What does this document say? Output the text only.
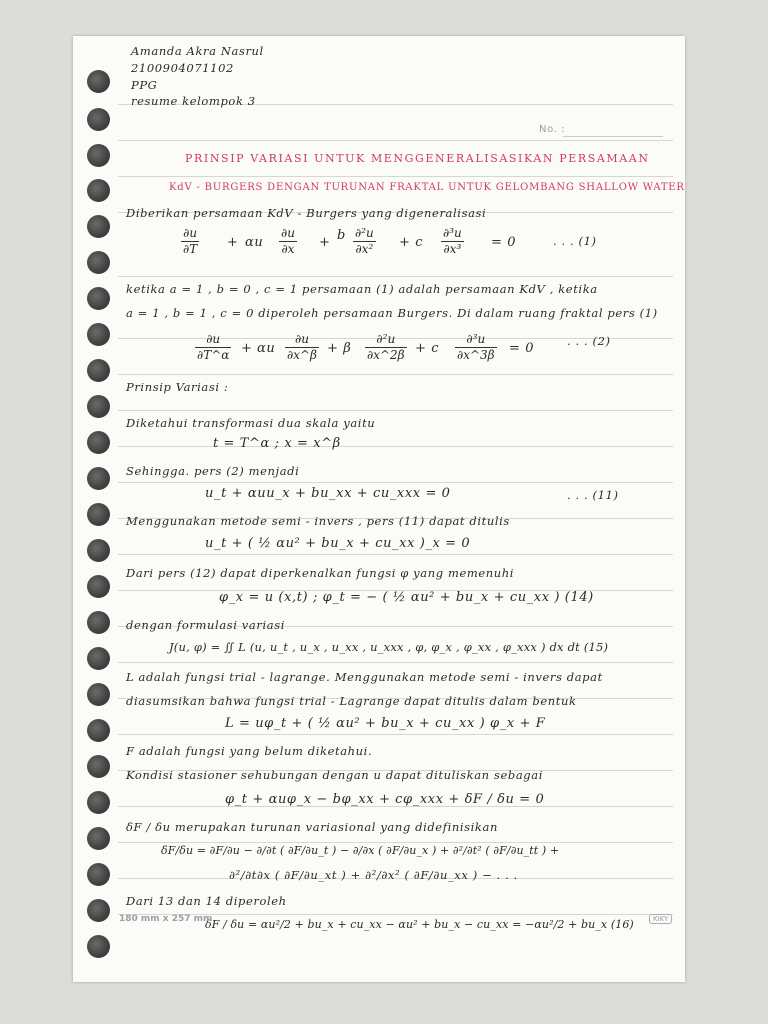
Amanda Akra Nasrul
2100904071102
PPG
resume kelompok 3
No. :
PRINSIP VARIASI UNTUK MENGGENERALISASIKAN PERSAMAAN
KdV - BURGERS DENGAN TURUNAN FRAKTAL UNTUK GELOMBANG SHALLOW WATER
Diberikan persamaan KdV - Burgers yang digeneralisasi
∂u
∂T + αu
∂u
∂x + b ∂²u
∂x² + c
∂³u
∂x³ = 0	. . . (1)
ketika a = 1 , b = 0 , c = 1 persamaan (1) adalah persamaan KdV , ketika
a = 1 , b = 1 , c = 0 diperoleh persamaan Burgers. Di dalam ruang fraktal pers (1)
∂u
∂T^α + αu
∂u
∂x^β + β
∂²u
∂x^2β + c
∂³u
∂x^3β = 0	. . . (2)
Prinsip Variasi :
Diketahui transformasi dua skala yaitu
t = T^α ; x = x^β
Sehingga. pers (2) menjadi
u_t + αuu_x + bu_xx + cu_xxx = 0	. . . (11)
Menggunakan metode semi - invers , pers (11) dapat ditulis
u_t + ( ½ αu² + bu_x + cu_xx )_x = 0
Dari pers (12) dapat diperkenalkan fungsi φ yang memenuhi
φ_x = u (x,t) ; φ_t = − ( ½ αu² + bu_x + cu_xx ) (14)
dengan formulasi variasi
J(u, φ) = ∬ L (u, u_t , u_x , u_xx , u_xxx , φ, φ_x , φ_xx , φ_xxx ) dx dt (15)
L adalah fungsi trial - lagrange. Menggunakan metode semi - invers dapat
diasumsikan bahwa fungsi trial - Lagrange dapat ditulis dalam bentuk
L = uφ_t + ( ½ αu² + bu_x + cu_xx ) φ_x + F
F adalah fungsi yang belum diketahui.
Kondisi stasioner sehubungan dengan u dapat dituliskan sebagai
φ_t + αuφ_x − bφ_xx + cφ_xxx + δF / δu = 0
δF / δu merupakan turunan variasional yang didefinisikan
δF/δu = ∂F/∂u − ∂/∂t ( ∂F/∂u_t ) − ∂/∂x ( ∂F/∂u_x ) + ∂²/∂t² ( ∂F/∂u_tt ) +
∂²/∂t∂x ( ∂F/∂u_xt ) + ∂²/∂x² ( ∂F/∂u_xx ) − . . .
Dari 13 dan 14 diperoleh
δF / δu = αu²/2 + bu_x + cu_xx − αu² + bu_x − cu_xx = −αu²/2 + bu_x (16)
180 mm x 257 mm	KIKY
